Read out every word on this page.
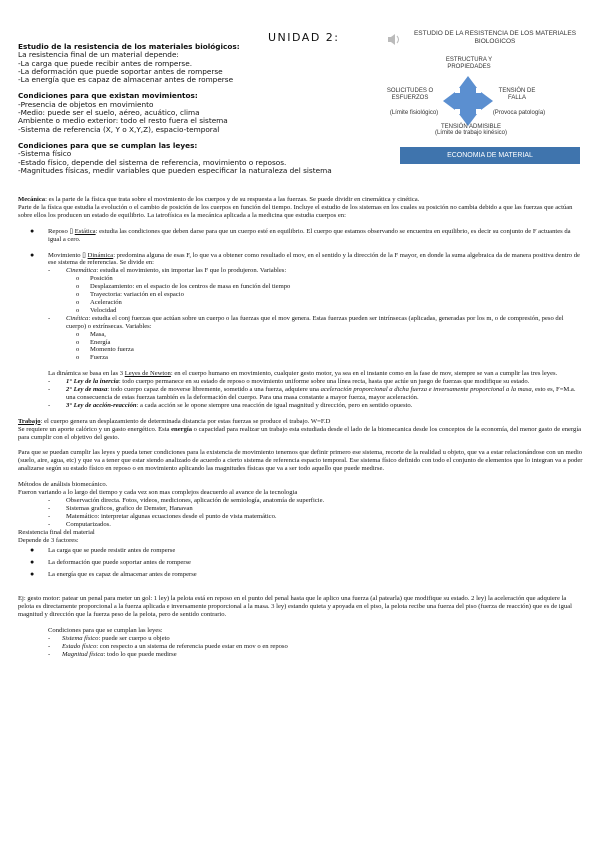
UNIDAD 2:
Estudio de la resistencia de los materiales biológicos:
La resistencia final de un material depende:
-La carga que puede recibir antes de romperse.
-La deformación que puede soportar antes de romperse
-La energía que es capaz de almacenar antes de romperse
Condiciones para que existan movimientos:
-Presencia de objetos en movimiento
-Medio: puede ser el suelo, aéreo, acuático, clima
Ambiente o medio exterior: todo el resto fuera el sistema
-Sistema de referencia (X, Y o X,Y,Z), espacio-temporal
Condiciones para que se cumplan las leyes:
-Sistema físico
-Estado físico, depende del sistema de referencia, movimiento o reposos.
-Magnitudes físicas, medir variables que pueden especificar la naturaleza del sistema
ESTUDIO DE LA RESISTENCIA DE LOS MATERIALES BIOLOGICOS
ESTRUCTURA Y PROPIEDADES
SOLICITUDES O ESFUERZOS
TENSIÓN DE FALLA
(Límite fisiológico)	(Provoca patología)
TENSIÓN ADMISIBLE
(Límite de trabajo kinésico)
ECONOMIA DE MATERIAL

Mecánica: es la parte de la física que trata sobre el movimiento de los cuerpos y de su respuesta a las fuerzas. Se puede dividir en cinemática y cinética.

Parte de la física que estudia la evolución o el cambio de posición de los cuerpos en función del tiempo. Incluye el estudio de los sistemas en los cuales su posición no cambia debido a que las fuerzas que actúan sobre ellos los producen un estado de equilibrio. La iatrofísica es la mecánica aplicada a la medicina que estudia cuerpos en:

● Reposo ▯ Estática: estudia las condiciones que deben darse para que un cuerpo esté en equilibrio. El cuerpo que estamos observando se encuentra en equilibrio, es decir su conjunto de F actuantes da igual a cero.

● Movimiento ▯ Dinámica: predomina alguna de esas F, lo que va a obtener como resultado el mov, en el sentido y la dirección de la F mayor, en donde la suma algebraica da de manera positiva dentro de ese sistema de referencias. Se divide en:

- Cinemática: estudia el movimiento, sin importar las F que lo produjeron. Variables:

o Posición

o Desplazamiento: en el espacio de los centros de masa en función del tiempo

o Trayectoria: variación en el espacio

o Aceleración

o Velocidad

- Cinética: estudia el conj fuerzas que actúan sobre un cuerpo o las fuerzas que el mov genera. Estas fuerzas pueden ser intrínsecas (aplicadas, generadas por los m, o de compresión, peso del cuerpo) o extrínsecas. Variables:

o Masa,

o Energía

o Momento fuerza

o Fuerza

La dinámica se basa en las 3 Leyes de Newton: en el cuerpo humano en movimiento, cualquier gesto motor, ya sea en el instante como en la fase de mov, siempre se van a cumplir las tres leyes.

- 1° Ley de la inercia: todo cuerpo permanece en su estado de reposo o movimiento uniforme sobre una línea recta, hasta que actúe un juego de fuerzas que modifique su estado.

- 2° Ley de masa: todo cuerpo capaz de moverse libremente, sometido a una fuerza, adquiere una aceleración proporcional a dicha fuerza e inversamente proporcional a la masa, esto es, F=M.a. una consecuencia de estas fuerzas también es la deformación del cuerpo. Para una masa constante a mayor fuerza, mayor aceleración.

- 3° Ley de acción-reacción: a cada acción se le opone siempre una reacción de igual magnitud y dirección, pero en sentido opuesto.

Trabajo: el cuerpo genera un desplazamiento de determinada distancia por estas fuerzas se produce el trabajo. W=F.D

Se requiere un aporte calórico y un gasto energético. Esta energía o capacidad para realizar un trabajo esta estudiada desde el lado de la biomecanica desde los conceptos de la economía, del menor gasto de energía para cumplir con el objetivo del gesto.

Para que se puedan cumplir las leyes y pueda tener condiciones para la existencia de movimiento tenemos que definir primero ese sistema, recorte de la realidad u objeto, que va a estar relacionándose con un medio (suelo, aire, agua, etc) y que va a tener que estar siendo analizado de acuerdo a cierto sistema de referencia espacio temporal. Ese sistema físico definido con todo el conjunto de elementos que lo integran va a poder analizarse según su estado físico en reposo o en movimiento aplicando las magnitudes físicas que va a ser todo aquello que puede medirse.

Métodos de análisis biomecánico.

Fueron variando a lo largo del tiempo y cada vez son mas complejos deacuerdo al avance de la tecnologia

- Observación directa. Fotos, videos, mediciones, aplicación de semiología, anatomía de superficie.

- Sistemas graficos, grafico de Demster, Hanavan

- Matemático: interpretar algunas ecuaciones desde el punto de vista matemático.

- Computarizados.

Resistencia final del material

Depende de 3 factores:

● La carga que se puede resistir antes de romperse

● La deformación que puede soportar antes de romperse

● La energía que es capaz de almacenar antes de romperse

Ej: gesto motor: patear un penal para meter un gol: 1 ley) la pelota está en reposo en el punto del penal hasta que le aplico una fuerza (al patearla) que modifique su estado. 2 ley) la aceleración que adquiere la pelota es directamente proporcional a la fuerza aplicada e inversamente proporcional a la masa. 3 ley) estando quieta y apoyada en el piso, la pelota recibe una fuerza del piso (fuerza de reacción) que es de igual magnitud y dirección que la fuerza peso de la pelota, pero de sentido contrario.

Condiciones para que se cumplan las leyes:

- Sistema físico: puede ser cuerpo u objeto

- Estado físico: con respecto a un sistema de referencia puede estar en mov o en reposo

- Magnitud física: todo lo que puede medirse
